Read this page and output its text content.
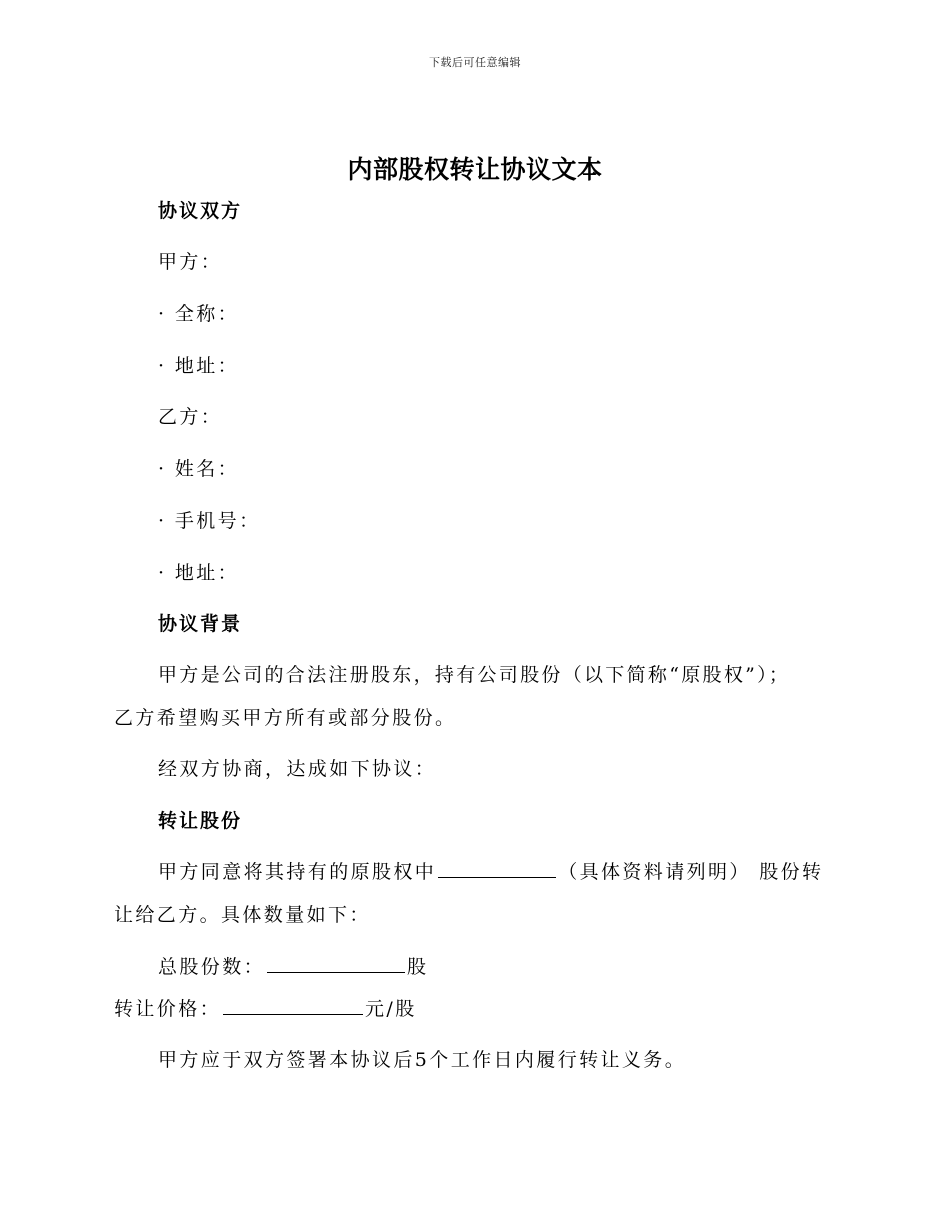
下载后可任意编辑
内部股权转让协议文本
协议双方
甲方：
· 全称：
· 地址：
乙方：
· 姓名：
· 手机号：
· 地址：
协议背景
甲方是公司的合法注册股东，持有公司股份（以下简称“原股权”）；
乙方希望购买甲方所有或部分股份。
经双方协商，达成如下协议：
转让股份
甲方同意将其持有的原股权中	（具体资料请列明） 股份转
让给乙方。具体数量如下：
总股份数：	股
转让价格：	元/股
甲方应于双方签署本协议后5个工作日内履行转让义务。
